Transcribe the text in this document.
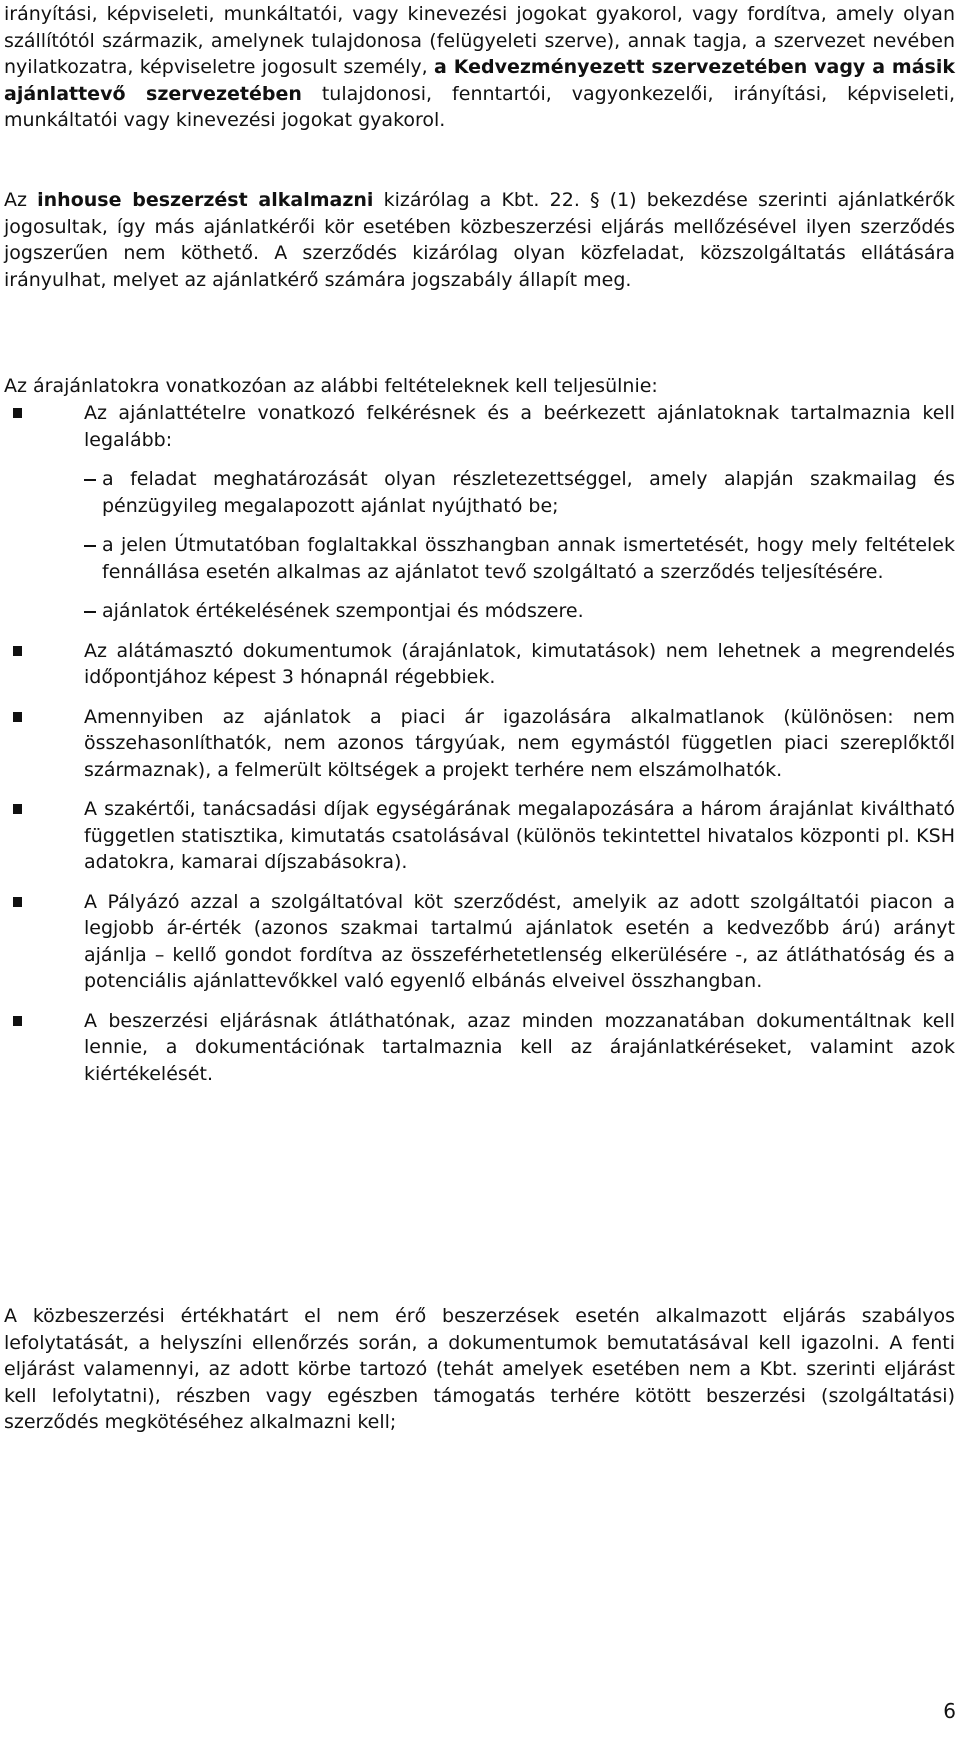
irányítási, képviseleti, munkáltatói, vagy kinevezési jogokat gyakorol, vagy fordítva, amely olyan szállítótól származik, amelynek tulajdonosa (felügyeleti szerve), annak tagja, a szervezet nevében nyilatkozatra, képviseletre jogosult személy, a Kedvezményezett szervezetében vagy a másik ajánlattevő szervezetében tulajdonosi, fenntartói, vagyonkezelői, irányítási, képviseleti, munkáltatói vagy kinevezési jogokat gyakorol.

Az inhouse beszerzést alkalmazni kizárólag a Kbt. 22. § (1) bekezdése szerinti ajánlatkérők jogosultak, így más ajánlatkérői kör esetében közbeszerzési eljárás mellőzésével ilyen szerződés jogszerűen nem köthető. A szerződés kizárólag olyan közfeladat, közszolgáltatás ellátására irányulhat, melyet az ajánlatkérő számára jogszabály állapít meg.

Az árajánlatokra vonatkozóan az alábbi feltételeknek kell teljesülnie:

Az ajánlattételre vonatkozó felkérésnek és a beérkezett ajánlatoknak tartalmaznia kell legalább:
a feladat meghatározását olyan részletezettséggel, amely alapján szakmailag és pénzügyileg megalapozott ajánlat nyújtható be;
a jelen Útmutatóban foglaltakkal összhangban annak ismertetését, hogy mely feltételek fennállása esetén alkalmas az ajánlatot tevő szolgáltató a szerződés teljesítésére.
ajánlatok értékelésének szempontjai és módszere.
Az alátámasztó dokumentumok (árajánlatok, kimutatások) nem lehetnek a megrendelés időpontjához képest 3 hónapnál régebbiek.
Amennyiben az ajánlatok a piaci ár igazolására alkalmatlanok (különösen: nem összehasonlíthatók, nem azonos tárgyúak, nem egymástól független piaci szereplőktől származnak), a felmerült költségek a projekt terhére nem elszámolhatók.
A szakértői, tanácsadási díjak egységárának megalapozására a három árajánlat kiváltható független statisztika, kimutatás csatolásával (különös tekintettel hivatalos központi pl. KSH adatokra, kamarai díjszabásokra).
A Pályázó azzal a szolgáltatóval köt szerződést, amelyik az adott szolgáltatói piacon a legjobb ár-érték (azonos szakmai tartalmú ajánlatok esetén a kedvezőbb árú) arányt ajánlja – kellő gondot fordítva az összeférhetetlenség elkerülésére -, az átláthatóság és a potenciális ajánlattevőkkel való egyenlő elbánás elveivel összhangban.
A beszerzési eljárásnak átláthatónak, azaz minden mozzanatában dokumentáltnak kell lennie, a dokumentációnak tartalmaznia kell az árajánlatkéréseket, valamint azok kiértékelését.

A közbeszerzési értékhatárt el nem érő beszerzések esetén alkalmazott eljárás szabályos lefolytatását, a helyszíni ellenőrzés során, a dokumentumok bemutatásával kell igazolni. A fenti eljárást valamennyi, az adott körbe tartozó (tehát amelyek esetében nem a Kbt. szerinti eljárást kell lefolytatni), részben vagy egészben támogatás terhére kötött beszerzési (szolgáltatási) szerződés megkötéséhez alkalmazni kell;

6
